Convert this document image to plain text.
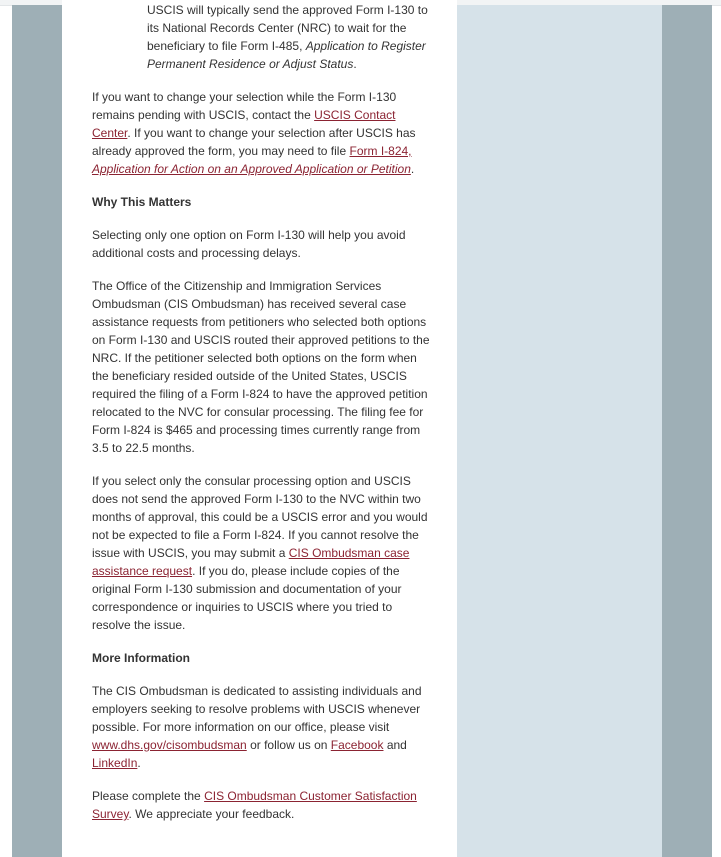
USCIS will typically send the approved Form I-130 to its National Records Center (NRC) to wait for the beneficiary to file Form I-485, Application to Register Permanent Residence or Adjust Status.

If you want to change your selection while the Form I-130 remains pending with USCIS, contact the USCIS Contact Center. If you want to change your selection after USCIS has already approved the form, you may need to file Form I-824, Application for Action on an Approved Application or Petition.

Why This Matters

Selecting only one option on Form I-130 will help you avoid additional costs and processing delays.

The Office of the Citizenship and Immigration Services Ombudsman (CIS Ombudsman) has received several case assistance requests from petitioners who selected both options on Form I-130 and USCIS routed their approved petitions to the NRC. If the petitioner selected both options on the form when the beneficiary resided outside of the United States, USCIS required the filing of a Form I-824 to have the approved petition relocated to the NVC for consular processing. The filing fee for Form I-824 is $465 and processing times currently range from 3.5 to 22.5 months.

If you select only the consular processing option and USCIS does not send the approved Form I-130 to the NVC within two months of approval, this could be a USCIS error and you would not be expected to file a Form I-824. If you cannot resolve the issue with USCIS, you may submit a CIS Ombudsman case assistance request. If you do, please include copies of the original Form I-130 submission and documentation of your correspondence or inquiries to USCIS where you tried to resolve the issue.

More Information

The CIS Ombudsman is dedicated to assisting individuals and employers seeking to resolve problems with USCIS whenever possible. For more information on our office, please visit www.dhs.gov/cisombudsman or follow us on Facebook and LinkedIn.

Please complete the CIS Ombudsman Customer Satisfaction Survey. We appreciate your feedback.
